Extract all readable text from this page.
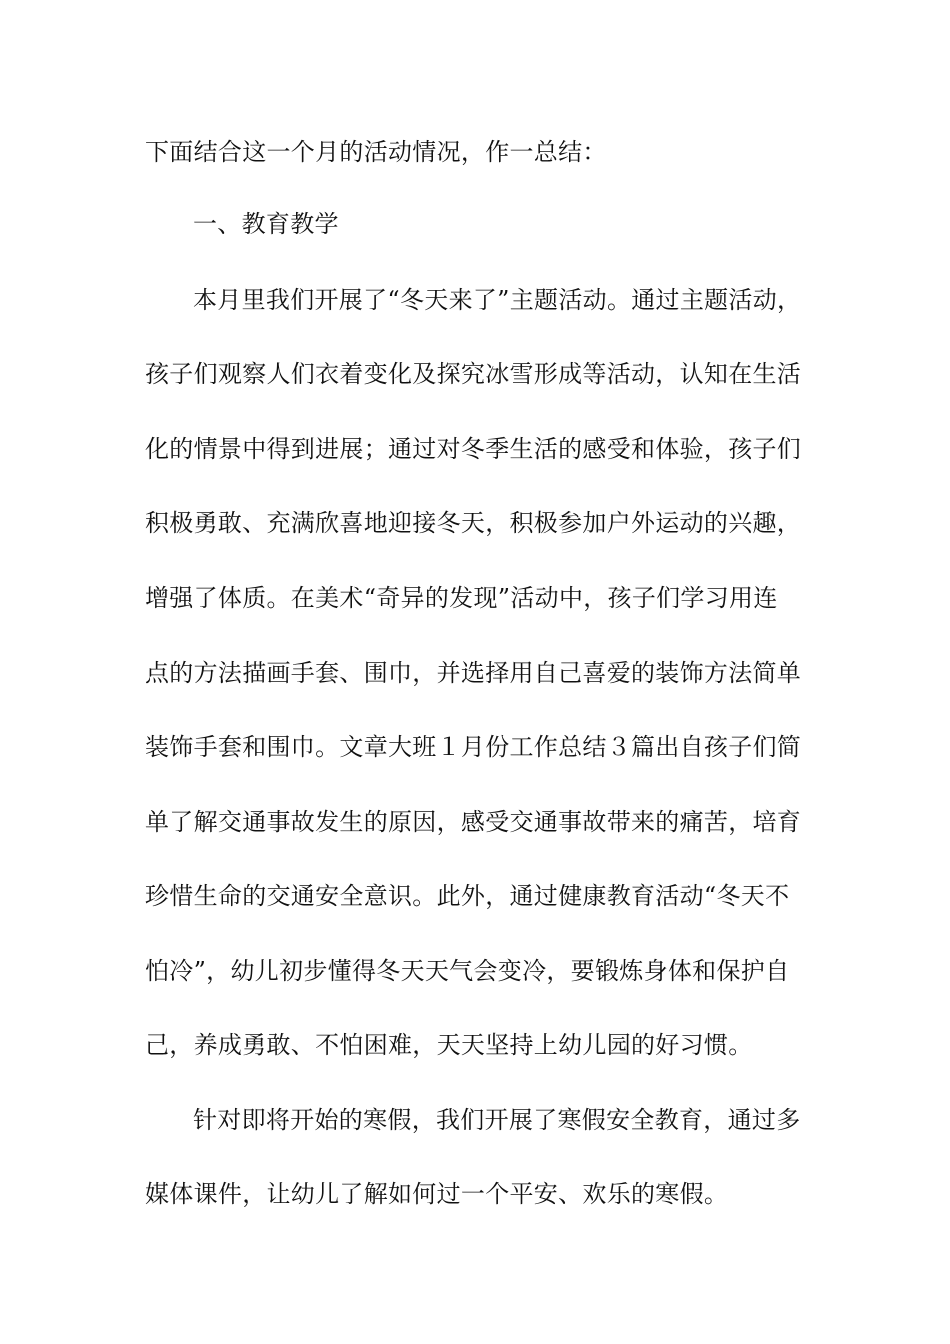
下面结合这一个月的活动情况，作一总结：
一、教育教学
本月里我们开展了“冬天来了”主题活动。通过主题活动，
孩子们观察人们衣着变化及探究冰雪形成等活动，认知在生活
化的情景中得到进展；通过对冬季生活的感受和体验，孩子们
积极勇敢、充满欣喜地迎接冬天，积极参加户外运动的兴趣，
增强了体质。在美术“奇异的发现”活动中，孩子们学习用连
点的方法描画手套、围巾，并选择用自己喜爱的装饰方法简单
装饰手套和围巾。文章大班１月份工作总结３篇出自孩子们简
单了解交通事故发生的原因，感受交通事故带来的痛苦，培育
珍惜生命的交通安全意识。此外，通过健康教育活动“冬天不
怕冷”，幼儿初步懂得冬天天气会变冷，要锻炼身体和保护自
己，养成勇敢、不怕困难，天天坚持上幼儿园的好习惯。
针对即将开始的寒假，我们开展了寒假安全教育，通过多
媒体课件，让幼儿了解如何过一个平安、欢乐的寒假。
